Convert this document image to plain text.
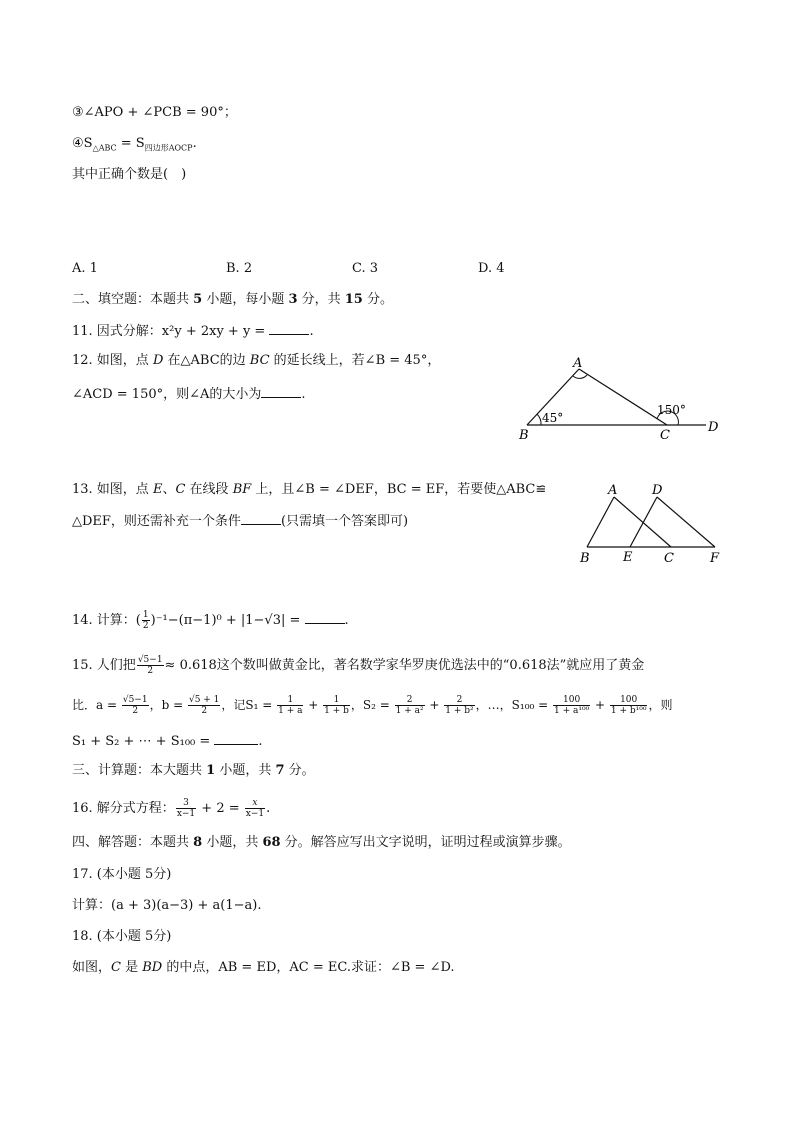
③∠APO + ∠PCB = 90°；
$④S_{\triangle ABC} = S_{四边形AOCP}$.
其中正确个数是(　)
A. 1	B. 2	C. 3	D. 4
二、填空题：本题共 5 小题，每小题 3 分，共 15 分。
11. 因式分解：x²y + 2xy + y =	.
12. 如图，点 D 在△ABC的边 BC 的延长线上，若∠B = 45°，
∠ACD = 150°，则∠A的大小为	.
A
B	C
D
45°
150°
13. 如图，点 E、C 在线段 BF 上，且∠B = ∠DEF，BC = EF，若要使△ABC≌
△DEF，则还需补充一个条件	(只需填一个答案即可)
A	D
B	E C	F
14. 计算：( $\frac{1}{2} )^{-1}-(\pi-1)^0 + |1-√3|$ =	.
15. 人们把 $\frac{√5-1}{2} \approx 0.618$这个数叫做黄金比，著名数学家华罗庚优选法中的“0.618法”就应用了黄金
比．$a = \frac{√5-1}{2}$ ，$b = \frac{√5 + 1}{2}$ ，记$S_1 = \frac{1}{1 + a} + \frac{1}{1 + b}$ ，$S_2 = \frac{2}{\text{1 + a²}} + \frac{2}{\text{1 + b²}}$ ，…，$S_{100} = \frac{100}{\text{1 + a¹⁰⁰}} + \frac{100}{\text{1 + b¹⁰⁰}}$ ，则
S₁ + S₂ + ⋯ + S₁₀₀ =	.
三、计算题：本大题共 1 小题，共 7 分。
16. 解分式方程： $\frac{3}{x-1} + 2 = \frac{x}{x-1}$ .
四、解答题：本题共 8 小题，共 68 分。解答应写出文字说明，证明过程或演算步骤。
17. (本小题 5分)
计算：(a + 3)(a−3) + a(1−a).
18. (本小题 5分)
如图，C 是 BD 的中点，AB = ED，AC = EC.求证：∠B = ∠D.
